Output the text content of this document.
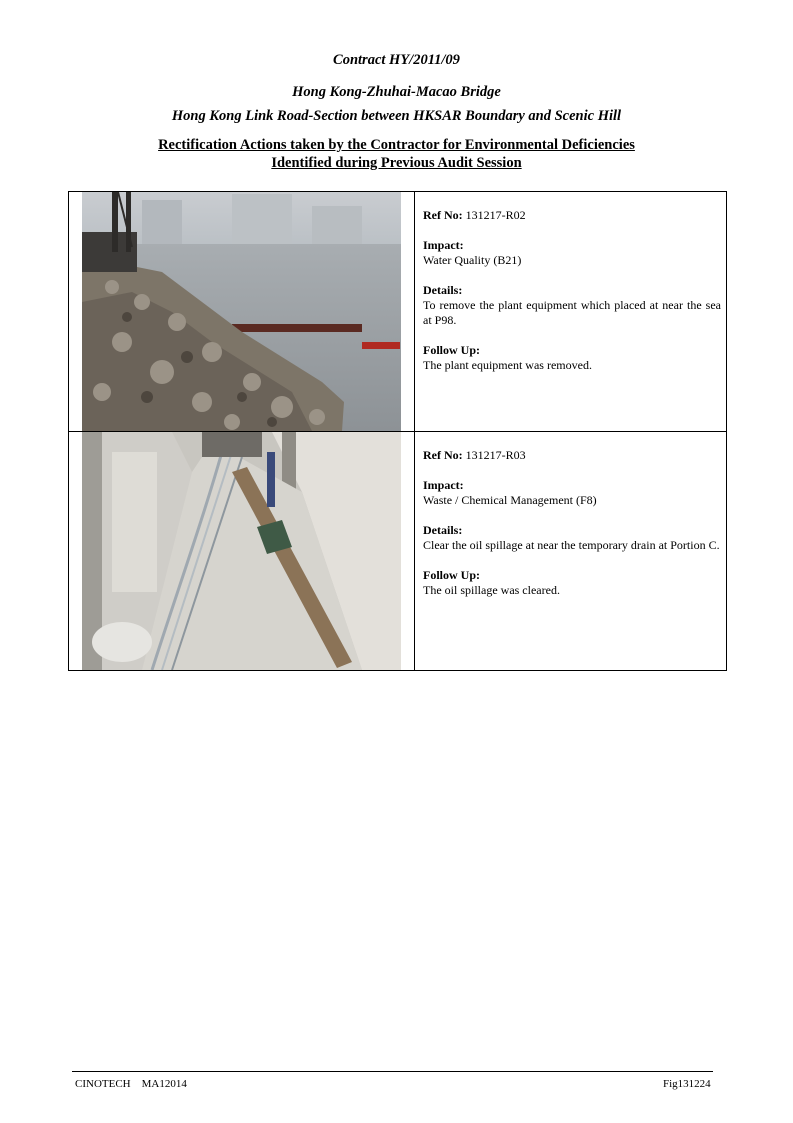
Contract HY/2011/09
Hong Kong-Zhuhai-Macao Bridge
Hong Kong Link Road-Section between HKSAR Boundary and Scenic Hill
Rectification Actions taken by the Contractor for Environmental Deficiencies
Identified during Previous Audit Session
Ref No: 131217-R02
Impact:
Water Quality (B21)
Details:
To remove the plant equipment which placed at near the sea at P98.
Follow Up:
The plant equipment was removed.
Ref No: 131217-R03
Impact:
Waste / Chemical Management (F8)
Details:
Clear the oil spillage at near the temporary drain at Portion C.
Follow Up:
The oil spillage was cleared.
CINOTECH    MA12014	Fig131224
